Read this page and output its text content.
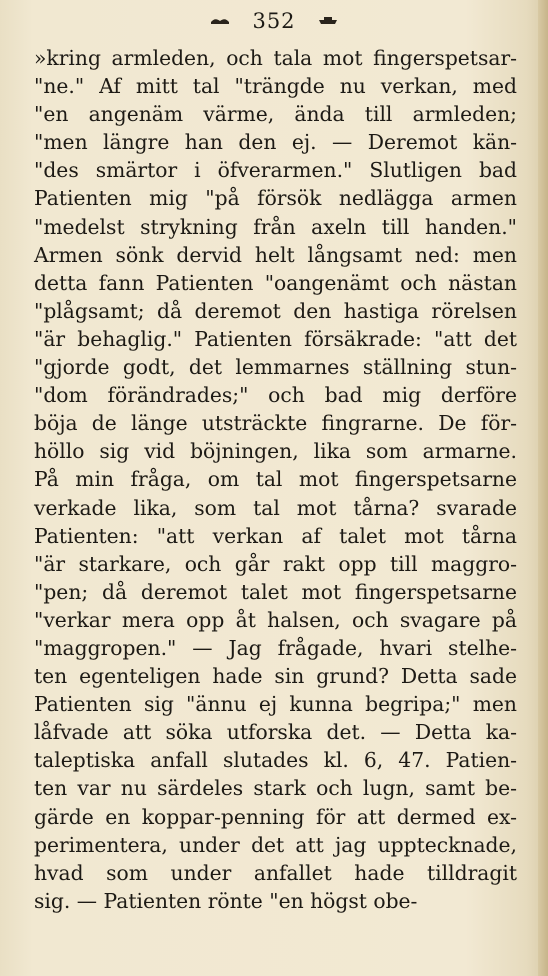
352
»kring armleden, och tala mot fingerspetsar-
"ne." Af mitt tal "trängde nu verkan, med
"en angenäm värme, ända till armleden;
"men längre han den ej. — Deremot kän-
"des smärtor i öfverarmen." Slutligen bad
Patienten mig "på försök nedlägga armen
"medelst strykning från axeln till handen."
Armen sönk dervid helt långsamt ned: men
detta fann Patienten "oangenämt och nästan
"plågsamt; då deremot den hastiga rörelsen
"är behaglig." Patienten försäkrade: "att det
"gjorde godt, det lemmarnes ställning stun-
"dom förändrades;" och bad mig derföre
böja de länge utsträckte fingrarne. De för-
höllo sig vid böjningen, lika som armarne.
På min fråga, om tal mot fingerspetsarne
verkade lika, som tal mot tårna? svarade
Patienten: "att verkan af talet mot tårna
"är starkare, och går rakt opp till maggro-
"pen; då deremot talet mot fingerspetsarne
"verkar mera opp åt halsen, och svagare på
"maggropen." — Jag frågade, hvari stelhe-
ten egenteligen hade sin grund? Detta sade
Patienten sig "ännu ej kunna begripa;" men
låfvade att söka utforska det. — Detta ka-
taleptiska anfall slutades kl. 6, 47. Patien-
ten var nu särdeles stark och lugn, samt be-
gärde en koppar-penning för att dermed ex-
perimentera, under det att jag upptecknade,
hvad som under anfallet hade tilldragit
sig. — Patienten rönte "en högst obe-
